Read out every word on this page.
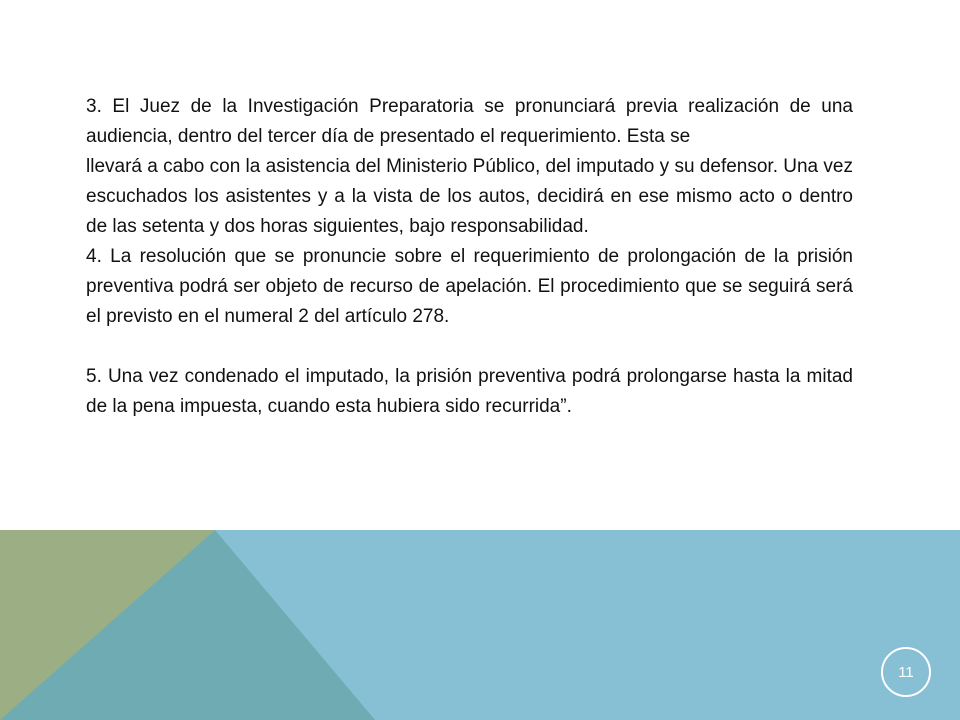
3. El Juez de la Investigación Preparatoria se pronunciará previa realización de una audiencia, dentro del tercer día de presentado el requerimiento. Esta se

llevará a cabo con la asistencia del Ministerio Público, del imputado y su defensor. Una vez escuchados los asistentes y a la vista de los autos, decidirá en ese mismo acto o dentro de las setenta y dos horas siguientes, bajo responsabilidad.

4. La resolución que se pronuncie sobre el requerimiento de prolongación de la prisión preventiva podrá ser objeto de recurso de apelación. El procedimiento que se seguirá será el previsto en el numeral 2 del artículo 278.

5. Una vez condenado el imputado, la prisión preventiva podrá prolongarse hasta la mitad de la pena impuesta, cuando esta hubiera sido recurrida”.

11
